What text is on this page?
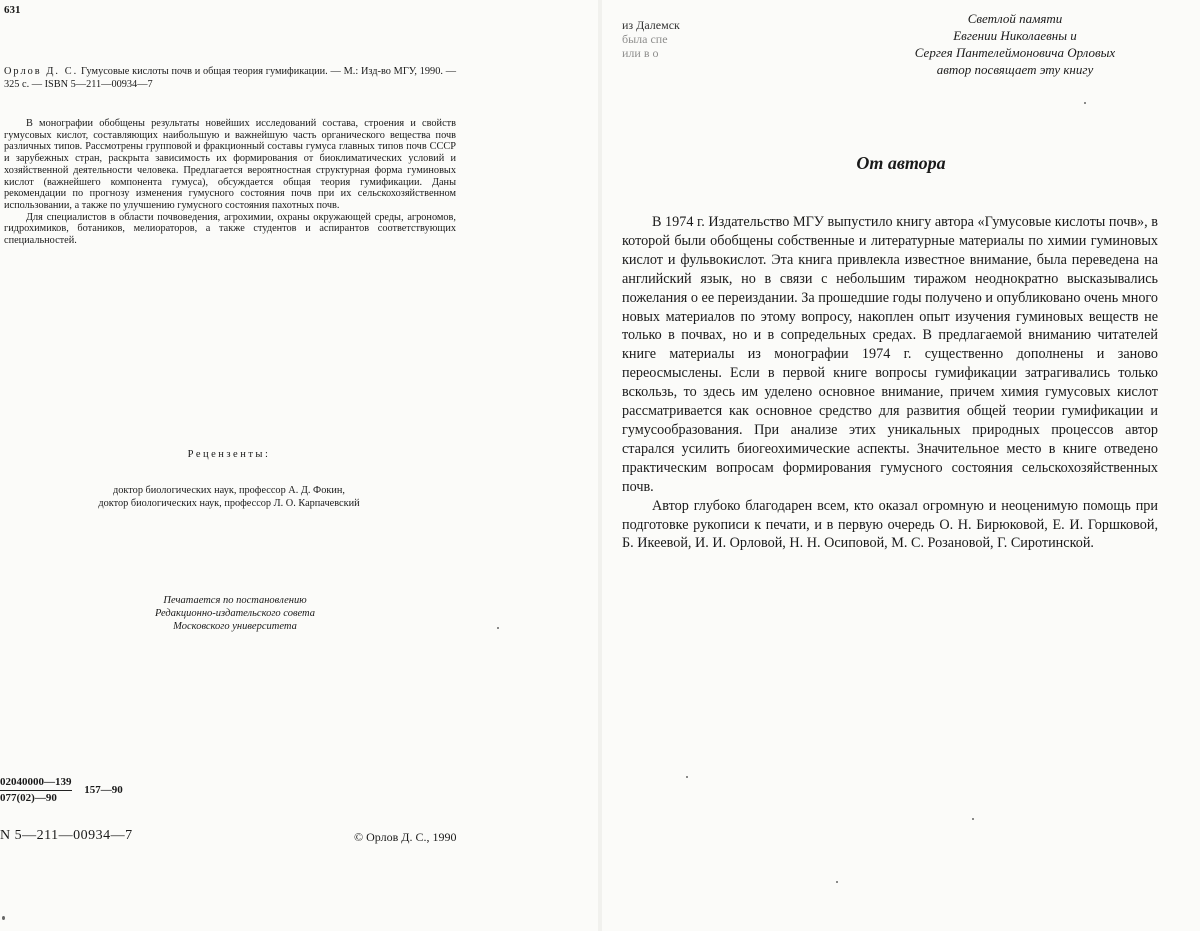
631
Орлов Д. С. Гумусовые кислоты почв и общая теория гумификации. — М.: Изд-во МГУ, 1990. — 325 с. — ISBN 5—211—00934—7

В монографии обобщены результаты новейших исследований состава, строения и свойств гумусовых кислот, составляющих наибольшую и важнейшую часть органического вещества почв различных типов. Рассмотрены групповой и фракционный составы гумуса главных типов почв СССР и зарубежных стран, раскрыта зависимость их формирования от биоклиматических условий и хозяйственной деятельности человека. Предлагается вероятностная структурная форма гуминовых кислот (важнейшего компонента гумуса), обсуждается общая теория гумификации. Даны рекомендации по прогнозу изменения гумусного состояния почв при их сельскохозяйственном использовании, а также по улучшению гумусного состояния пахотных почв.

Для специалистов в области почвоведения, агрохимии, охраны окружающей среды, агрономов, гидрохимиков, ботаников, мелиораторов, а также студентов и аспирантов соответствующих специальностей.

Рецензенты:
доктор биологических наук, профессор А. Д. Фокин,
доктор биологических наук, профессор Л. О. Карпачевский
Печатается по постановлению
Редакционно-издательского совета
Московского университета
$\frac{02040000—139}{077(02)—90}$ 157—90
N 5—211—00934—7	© Орлов Д. С., 1990
из Далемск
была спе
или в о
Светлой памяти
Евгении Николаевны и
Сергея Пантелеймоновича Орловых
автор посвящает эту книгу
От автора

В 1974 г. Издательство МГУ выпустило книгу автора «Гумусовые кислоты почв», в которой были обобщены собственные и литературные материалы по химии гуминовых кислот и фульвокислот. Эта книга привлекла известное внимание, была переведена на английский язык, но в связи с небольшим тиражом неоднократно высказывались пожелания о ее переиздании. За прошедшие годы получено и опубликовано очень много новых материалов по этому вопросу, накоплен опыт изучения гуминовых веществ не только в почвах, но и в сопредельных средах. В предлагаемой вниманию читателей книге материалы из монографии 1974 г. существенно дополнены и заново переосмыслены. Если в первой книге вопросы гумификации затрагивались только вскользь, то здесь им уделено основное внимание, причем химия гумусовых кислот рассматривается как основное средство для развития общей теории гумификации и гумусообразования. При анализе этих уникальных природных процессов автор старался усилить биогеохимические аспекты. Значительное место в книге отведено практическим вопросам формирования гумусного состояния сельскохозяйственных почв.

Автор глубоко благодарен всем, кто оказал огромную и неоценимую помощь при подготовке рукописи к печати, и в первую очередь О. Н. Бирюковой, Е. И. Горшковой, Б. Икеевой, И. И. Орловой, Н. Н. Осиповой, М. С. Розановой, Г. Сиротинской.
